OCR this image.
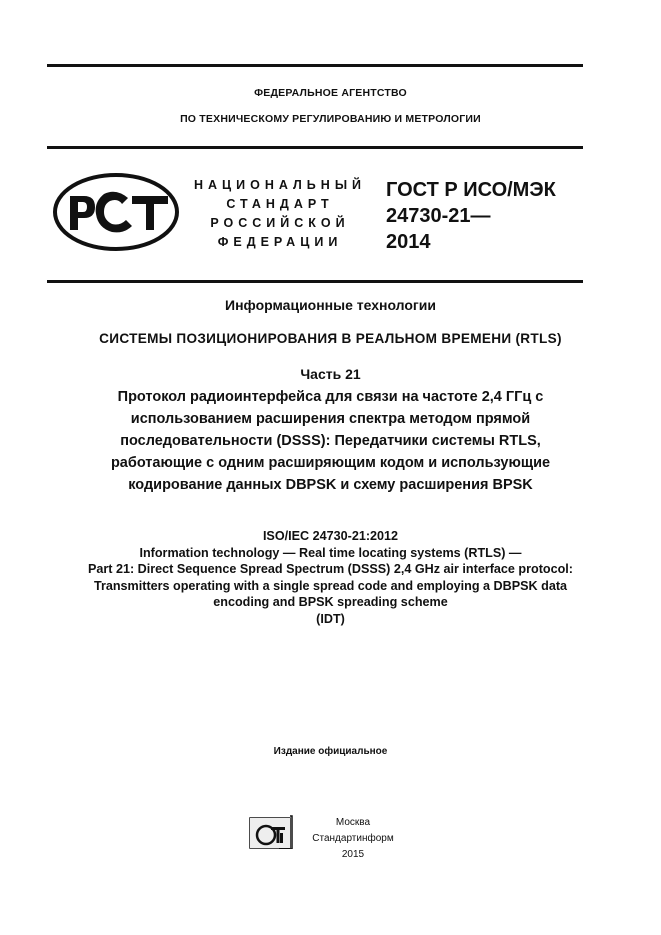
ФЕДЕРАЛЬНОЕ АГЕНТСТВО
ПО ТЕХНИЧЕСКОМУ РЕГУЛИРОВАНИЮ И МЕТРОЛОГИИ
НАЦИОНАЛЬНЫЙ
СТАНДАРТ
РОССИЙСКОЙ
ФЕДЕРАЦИИ
ГОСТ Р ИСО/МЭК
24730-21—
2014
Информационные технологии
СИСТЕМЫ ПОЗИЦИОНИРОВАНИЯ В РЕАЛЬНОМ ВРЕМЕНИ (RTLS)
Часть 21
Протокол радиоинтерфейса для связи на частоте 2,4 ГГц с
использованием расширения спектра методом прямой
последовательности (DSSS): Передатчики системы RTLS,
работающие с одним расширяющим кодом и использующие
кодирование данных DBPSK и схему расширения BPSK
ISO/IEC 24730-21:2012
Information technology — Real time locating systems (RTLS) —
Part 21: Direct Sequence Spread Spectrum (DSSS) 2,4 GHz air interface protocol:
Transmitters operating with a single spread code and employing a DBPSK data
encoding and BPSK spreading scheme
(IDT)
Издание официальное
Москва
Стандартинформ
2015
